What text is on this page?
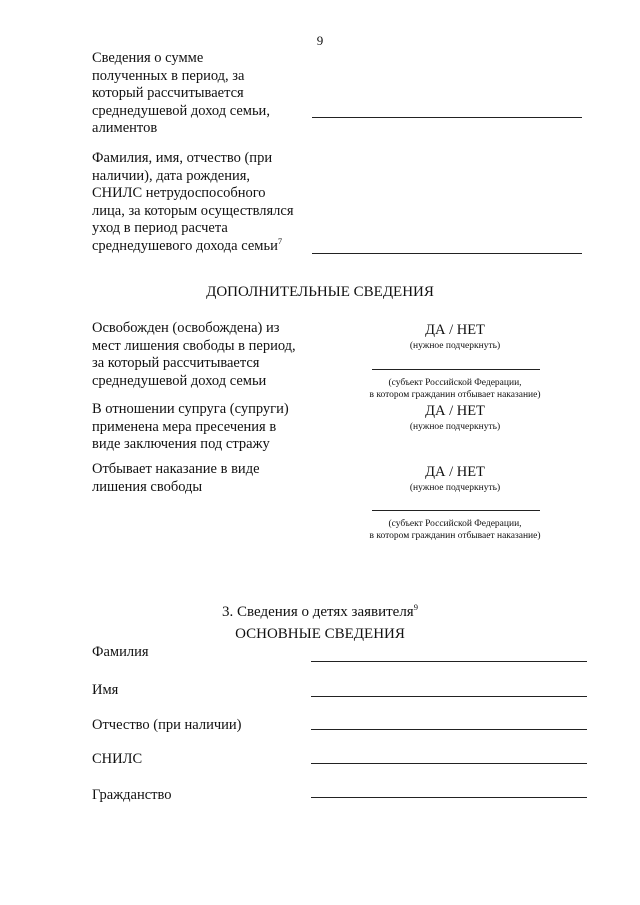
9
Сведения о сумме
полученных в период, за
который рассчитывается
среднедушевой доход семьи,
алиментов
Фамилия, имя, отчество (при
наличии), дата рождения,
СНИЛС нетрудоспособного
лица, за которым осуществлялся
уход в период расчета
среднедушевого дохода семьи$^7$
ДОПОЛНИТЕЛЬНЫЕ СВЕДЕНИЯ
Освобожден (освобождена) из
мест лишения свободы в период,
за который рассчитывается
среднедушевой доход семьи
ДА / НЕТ
(нужное подчеркнуть)
(субъект Российской Федерации,
в котором гражданин отбывает наказание)
В отношении супруга (супруги)
применена мера пресечения в
виде заключения под стражу
ДА / НЕТ
(нужное подчеркнуть)
Отбывает наказание в виде
лишения свободы
ДА / НЕТ
(нужное подчеркнуть)
(субъект Российской Федерации,
в котором гражданин отбывает наказание)
3. Сведения о детях заявителя$^9$
ОСНОВНЫЕ СВЕДЕНИЯ
Фамилия
Имя
Отчество (при наличии)
СНИЛС
Гражданство
